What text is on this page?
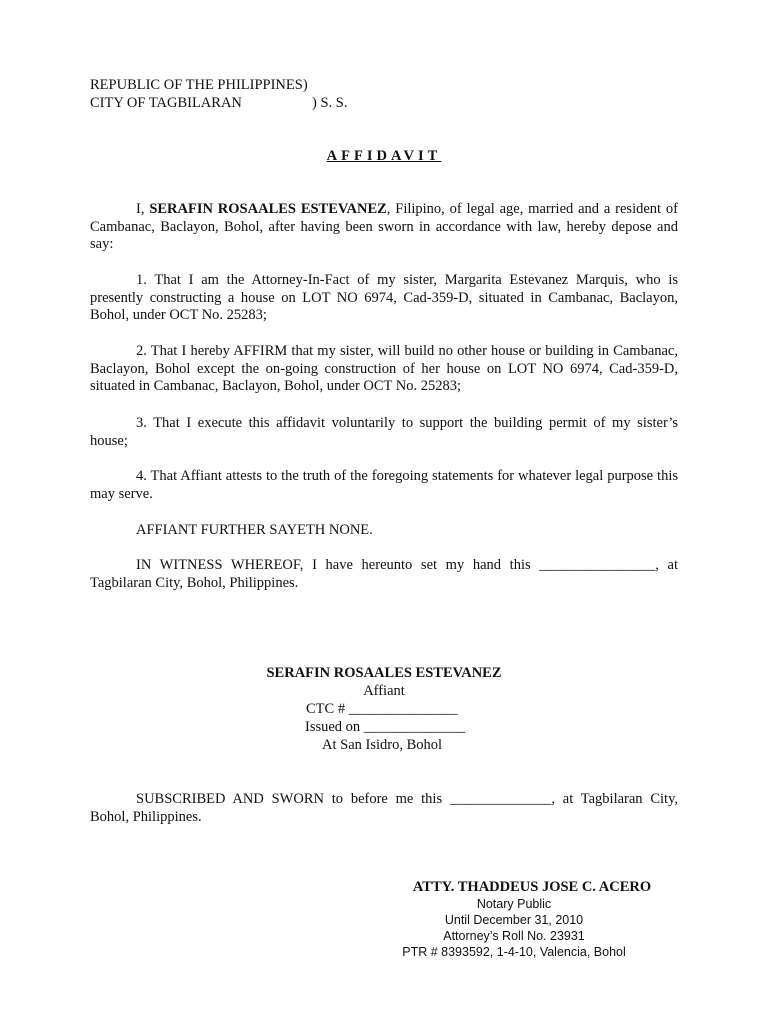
REPUBLIC OF THE PHILIPPINES)
CITY OF TAGBILARAN	) S. S.
AFFIDAVIT
I, SERAFIN ROSAALES ESTEVANEZ, Filipino, of legal age, married and a resident of Cambanac, Baclayon, Bohol, after having been sworn in accordance with law, hereby depose and say:
1. That I am the Attorney-In-Fact of my sister, Margarita Estevanez Marquis, who is presently constructing a house on LOT NO 6974, Cad-359-D, situated in Cambanac, Baclayon, Bohol, under OCT No. 25283;
2. That I hereby AFFIRM that my sister, will build no other house or building in Cambanac, Baclayon, Bohol except the on-going construction of her house on LOT NO 6974, Cad-359-D, situated in Cambanac, Baclayon, Bohol, under OCT No. 25283;
3. That I execute this affidavit voluntarily to support the building permit of my sister’s house;
4. That Affiant attests to the truth of the foregoing statements for whatever legal purpose this may serve.
AFFIANT FURTHER SAYETH NONE.
IN WITNESS WHEREOF, I have hereunto set my hand this ________________, at Tagbilaran City, Bohol, Philippines.
SERAFIN ROSAALES ESTEVANEZ
Affiant
CTC # _______________
Issued on ______________
At San Isidro, Bohol
SUBSCRIBED AND SWORN to before me this ______________, at Tagbilaran City, Bohol, Philippines.
ATTY. THADDEUS JOSE C. ACERO
Notary Public
Until December 31, 2010
Attorney’s Roll No. 23931
PTR # 8393592, 1-4-10, Valencia, Bohol
